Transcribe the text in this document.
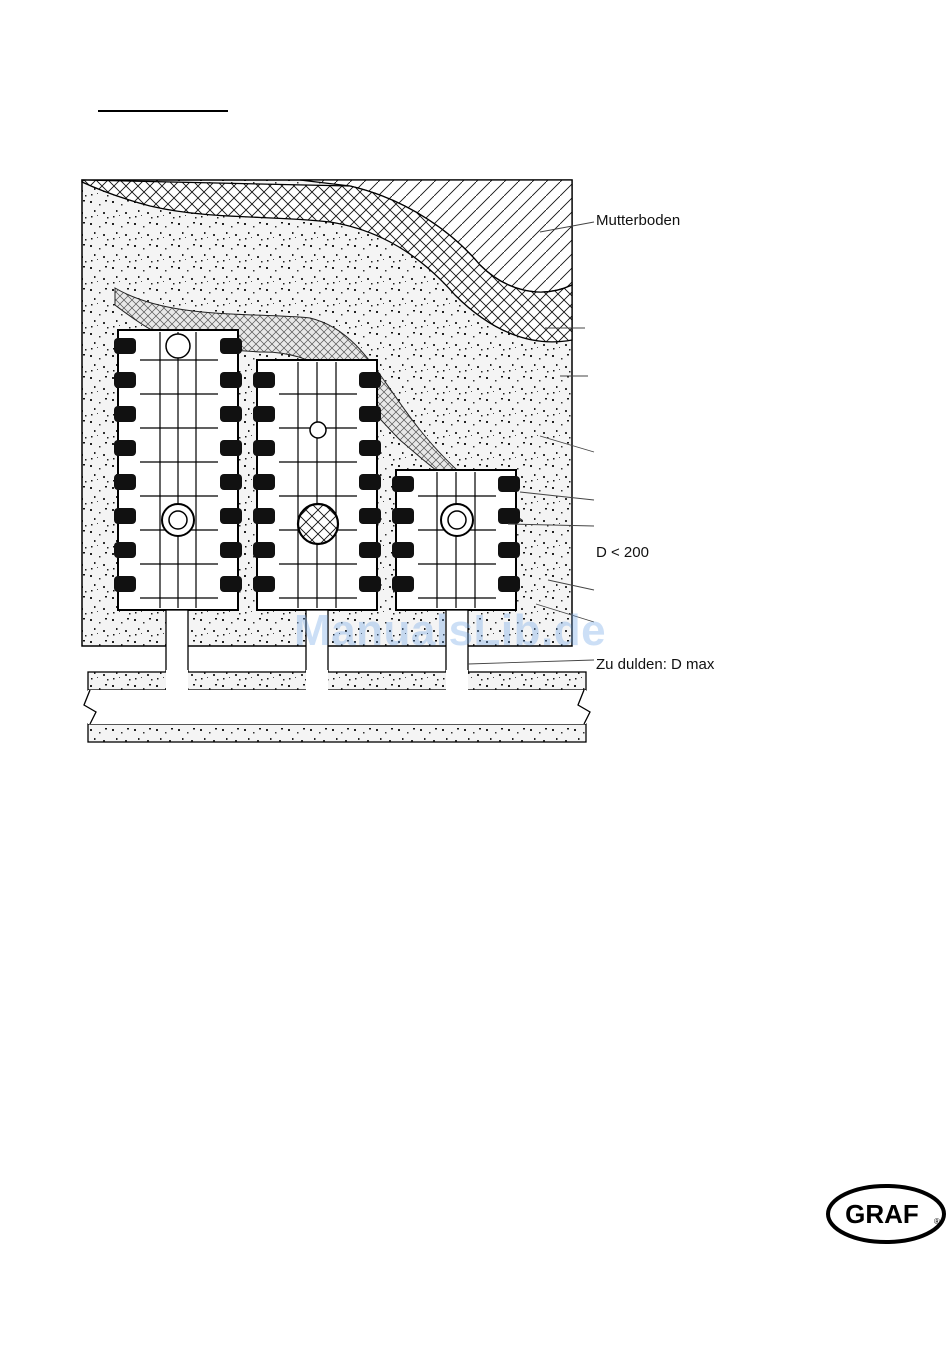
Mutterboden
D < 200
Zu dulden: D max
ManualsLib.de
GRAF ®
